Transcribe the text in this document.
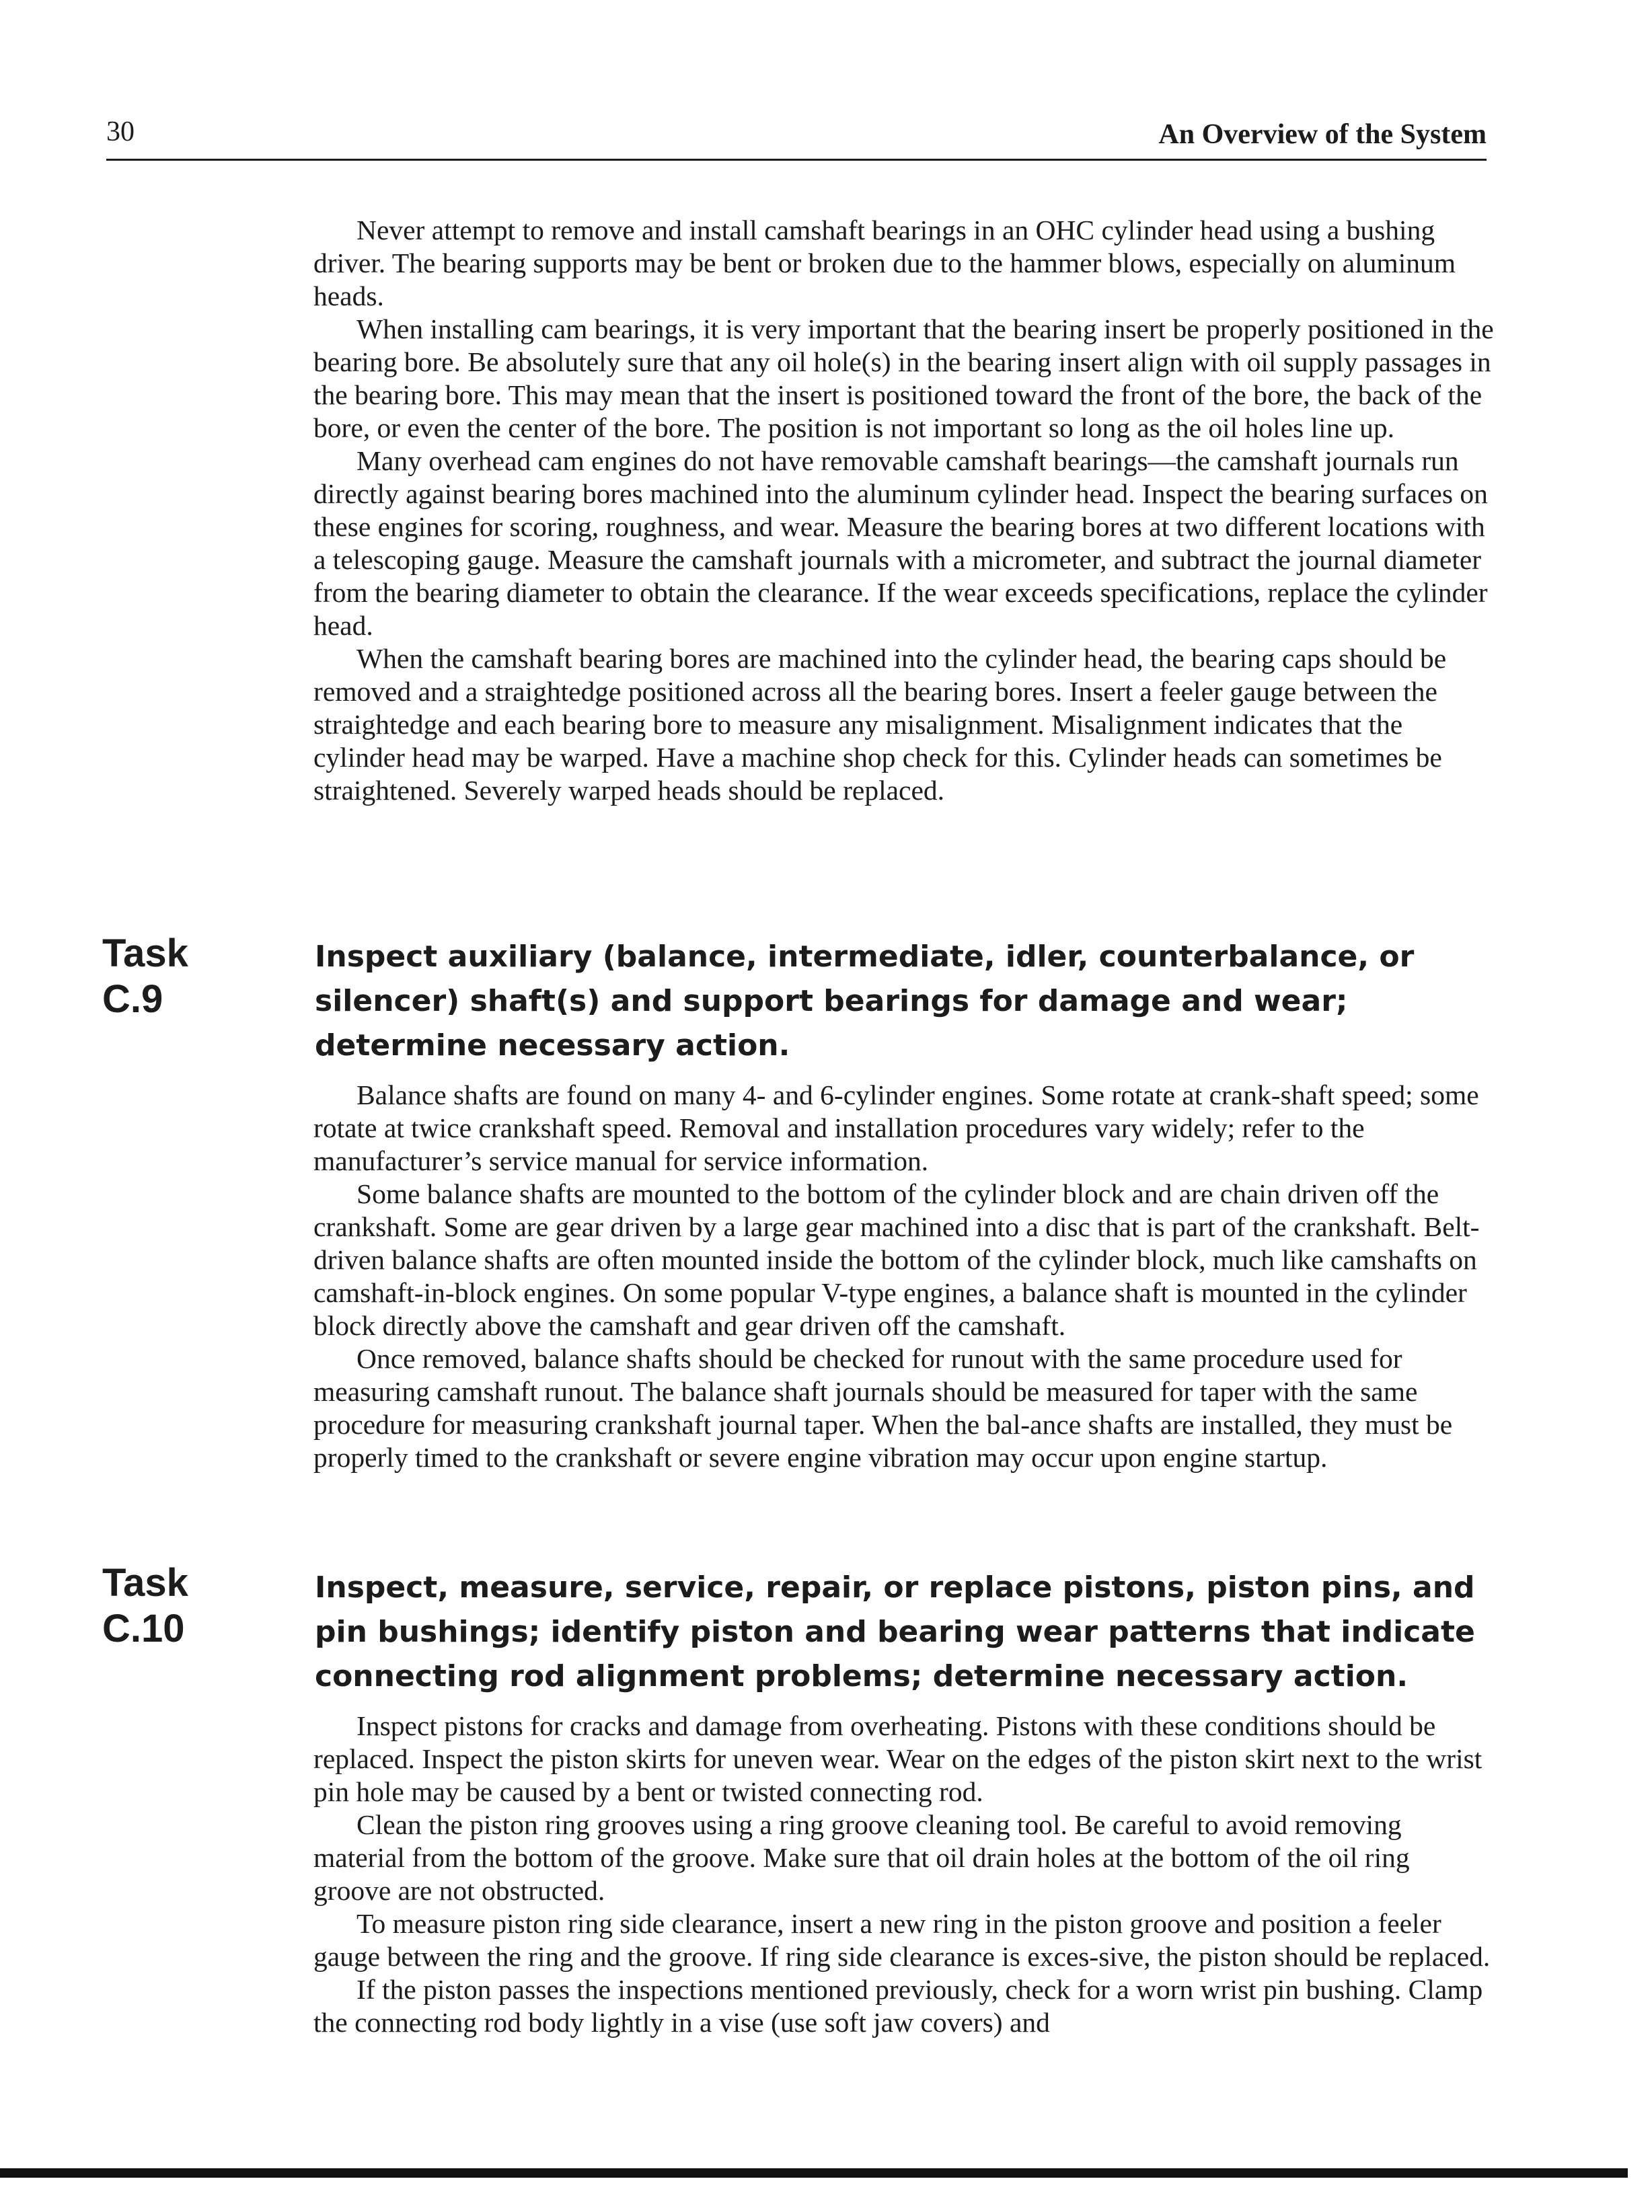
30	An Overview of the System

Never attempt to remove and install camshaft bearings in an OHC cylinder head using a bushing driver. The bearing supports may be bent or broken due to the hammer blows, especially on aluminum heads.

When installing cam bearings, it is very important that the bearing insert be properly positioned in the bearing bore. Be absolutely sure that any oil hole(s) in the bearing insert align with oil supply passages in the bearing bore. This may mean that the insert is positioned toward the front of the bore, the back of the bore, or even the center of the bore. The position is not important so long as the oil holes line up.

Many overhead cam engines do not have removable camshaft bearings—the camshaft journals run directly against bearing bores machined into the aluminum cylinder head. Inspect the bearing surfaces on these engines for scoring, roughness, and wear. Measure the bearing bores at two different locations with a telescoping gauge. Measure the camshaft journals with a micrometer, and subtract the journal diameter from the bearing diameter to obtain the clearance. If the wear exceeds specifications, replace the cylinder head.

When the camshaft bearing bores are machined into the cylinder head, the bearing caps should be removed and a straightedge positioned across all the bearing bores. Insert a feeler gauge between the straightedge and each bearing bore to measure any misalignment. Misalignment indicates that the cylinder head may be warped. Have a machine shop check for this. Cylinder heads can sometimes be straightened. Severely warped heads should be replaced.

Task
C.9
Inspect auxiliary (balance, intermediate, idler, counterbalance, or silencer) shaft(s) and support bearings for damage and wear; determine necessary action.

Balance shafts are found on many 4- and 6-cylinder engines. Some rotate at crank-shaft speed; some rotate at twice crankshaft speed. Removal and installation procedures vary widely; refer to the manufacturer’s service manual for service information.

Some balance shafts are mounted to the bottom of the cylinder block and are chain driven off the crankshaft. Some are gear driven by a large gear machined into a disc that is part of the crankshaft. Belt-driven balance shafts are often mounted inside the bottom of the cylinder block, much like camshafts on camshaft-in-block engines. On some popular V-type engines, a balance shaft is mounted in the cylinder block directly above the camshaft and gear driven off the camshaft.

Once removed, balance shafts should be checked for runout with the same procedure used for measuring camshaft runout. The balance shaft journals should be measured for taper with the same procedure for measuring crankshaft journal taper. When the bal-ance shafts are installed, they must be properly timed to the crankshaft or severe engine vibration may occur upon engine startup.

Task
C.10
Inspect, measure, service, repair, or replace pistons, piston pins, and pin bushings; identify piston and bearing wear patterns that indicate connecting rod alignment problems; determine necessary action.

Inspect pistons for cracks and damage from overheating. Pistons with these conditions should be replaced. Inspect the piston skirts for uneven wear. Wear on the edges of the piston skirt next to the wrist pin hole may be caused by a bent or twisted connecting rod.

Clean the piston ring grooves using a ring groove cleaning tool. Be careful to avoid removing material from the bottom of the groove. Make sure that oil drain holes at the bottom of the oil ring groove are not obstructed.

To measure piston ring side clearance, insert a new ring in the piston groove and position a feeler gauge between the ring and the groove. If ring side clearance is exces-sive, the piston should be replaced.

If the piston passes the inspections mentioned previously, check for a worn wrist pin bushing. Clamp the connecting rod body lightly in a vise (use soft jaw covers) and
